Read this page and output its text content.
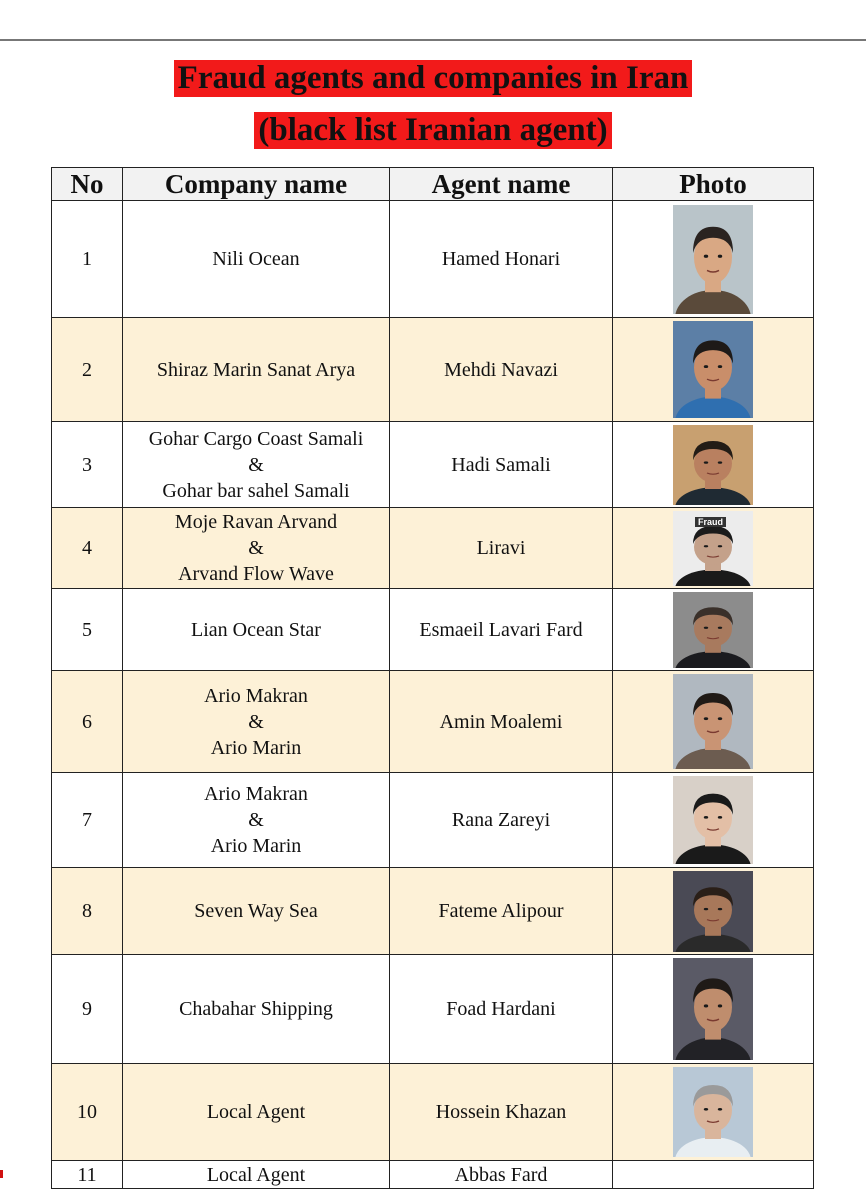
Fraud agents and companies in Iran
(black list Iranian agent)
No	Company name	Agent name	Photo
1	Nili Ocean	Hamed Honari	

2	Shiraz Marin Sanat Arya	Mehdi Navazi	

3	Gohar Cargo Coast Samali
&
Gohar bar sahel Samali	Hadi Samali	

4	Moje Ravan Arvand
&
Arvand Flow Wave	Liravi	Fraud

5	Lian Ocean Star	Esmaeil Lavari Fard	

6	Ario Makran
&
Ario Marin	Amin Moalemi	

7	Ario Makran
&
Ario Marin	Rana Zareyi	

8	Seven Way Sea	Fateme Alipour	

9	Chabahar Shipping	Foad Hardani	

10	Local Agent	Hossein Khazan	

11	Local Agent	Abbas Fard	
